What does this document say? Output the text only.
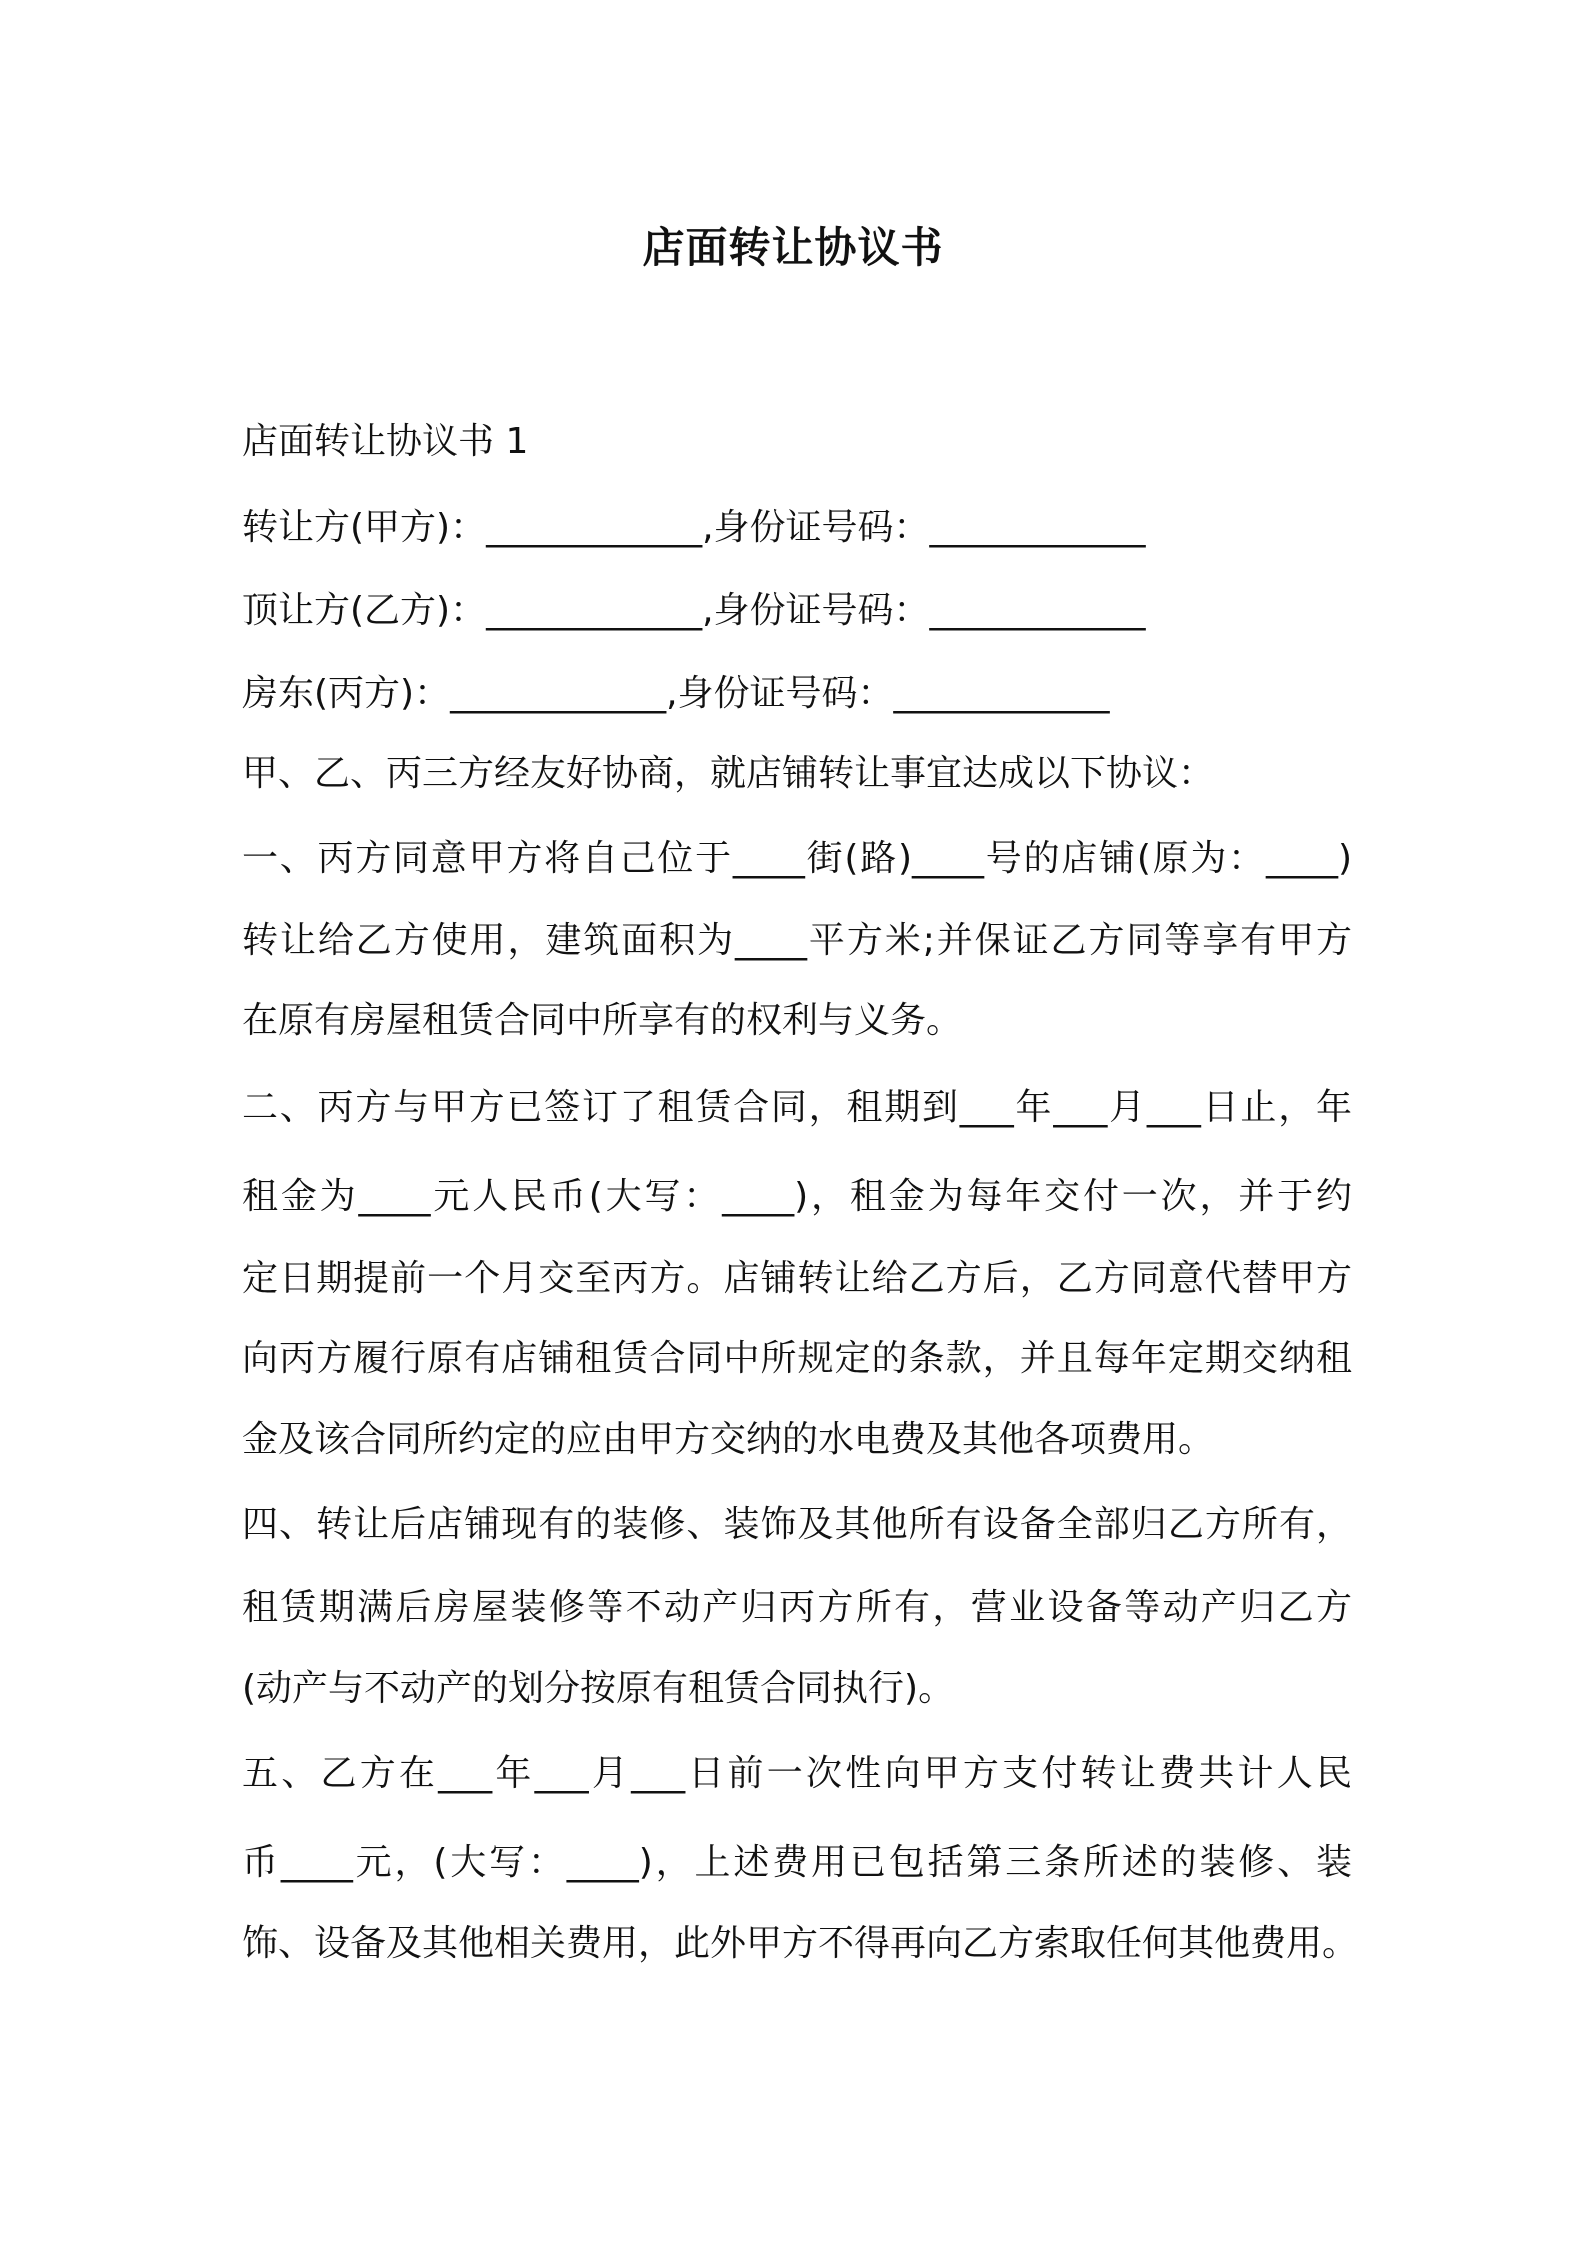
店面转让协议书
店面转让协议书 1
转让方(甲方)：____________,身份证号码：____________
顶让方(乙方)：____________,身份证号码：____________
房东(丙方)：____________,身份证号码：____________
甲、乙、丙三方经友好协商，就店铺转让事宜达成以下协议：
一、丙方同意甲方将自己位于____街(路)____号的店铺(原为：____)
转让给乙方使用，建筑面积为____平方米;并保证乙方同等享有甲方
在原有房屋租赁合同中所享有的权利与义务。
二、丙方与甲方已签订了租赁合同，租期到___年___月___日止，年
租金为____元人民币(大写：____)，租金为每年交付一次，并于约
定日期提前一个月交至丙方。店铺转让给乙方后，乙方同意代替甲方
向丙方履行原有店铺租赁合同中所规定的条款，并且每年定期交纳租
金及该合同所约定的应由甲方交纳的水电费及其他各项费用。
四、转让后店铺现有的装修、装饰及其他所有设备全部归乙方所有，
租赁期满后房屋装修等不动产归丙方所有，营业设备等动产归乙方
(动产与不动产的划分按原有租赁合同执行)。
五、乙方在___年___月___日前一次性向甲方支付转让费共计人民
币____元，(大写：____)，上述费用已包括第三条所述的装修、装
饰、设备及其他相关费用，此外甲方不得再向乙方索取任何其他费用。
